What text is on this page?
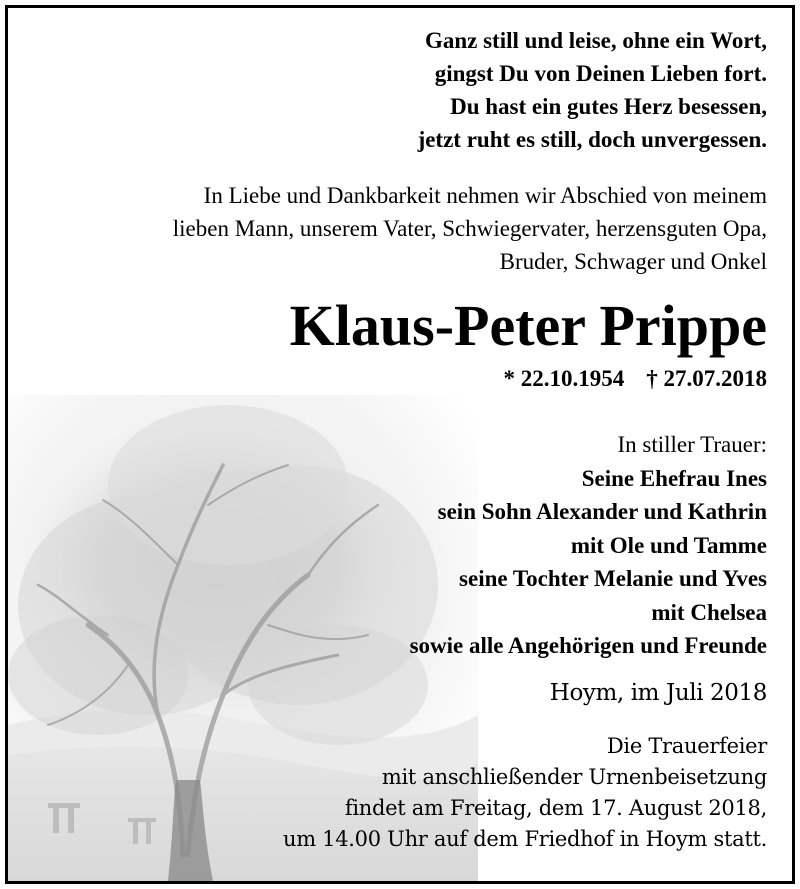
Ganz still und leise, ohne ein Wort,
gingst Du von Deinen Lieben fort.
Du hast ein gutes Herz besessen,
jetzt ruht es still, doch unvergessen.
In Liebe und Dankbarkeit nehmen wir Abschied von meinem
lieben Mann, unserem Vater, Schwiegervater, herzensguten Opa,
Bruder, Schwager und Onkel
Klaus-Peter Prippe
* 22.10.1954 † 27.07.2018
In stiller Trauer:
Seine Ehefrau Ines
sein Sohn Alexander und Kathrin
mit Ole und Tamme
seine Tochter Melanie und Yves
mit Chelsea
sowie alle Angehörigen und Freunde
Hoym, im Juli 2018
Die Trauerfeier
mit anschließender Urnenbeisetzung
findet am Freitag, dem 17. August 2018,
um 14.00 Uhr auf dem Friedhof in Hoym statt.
